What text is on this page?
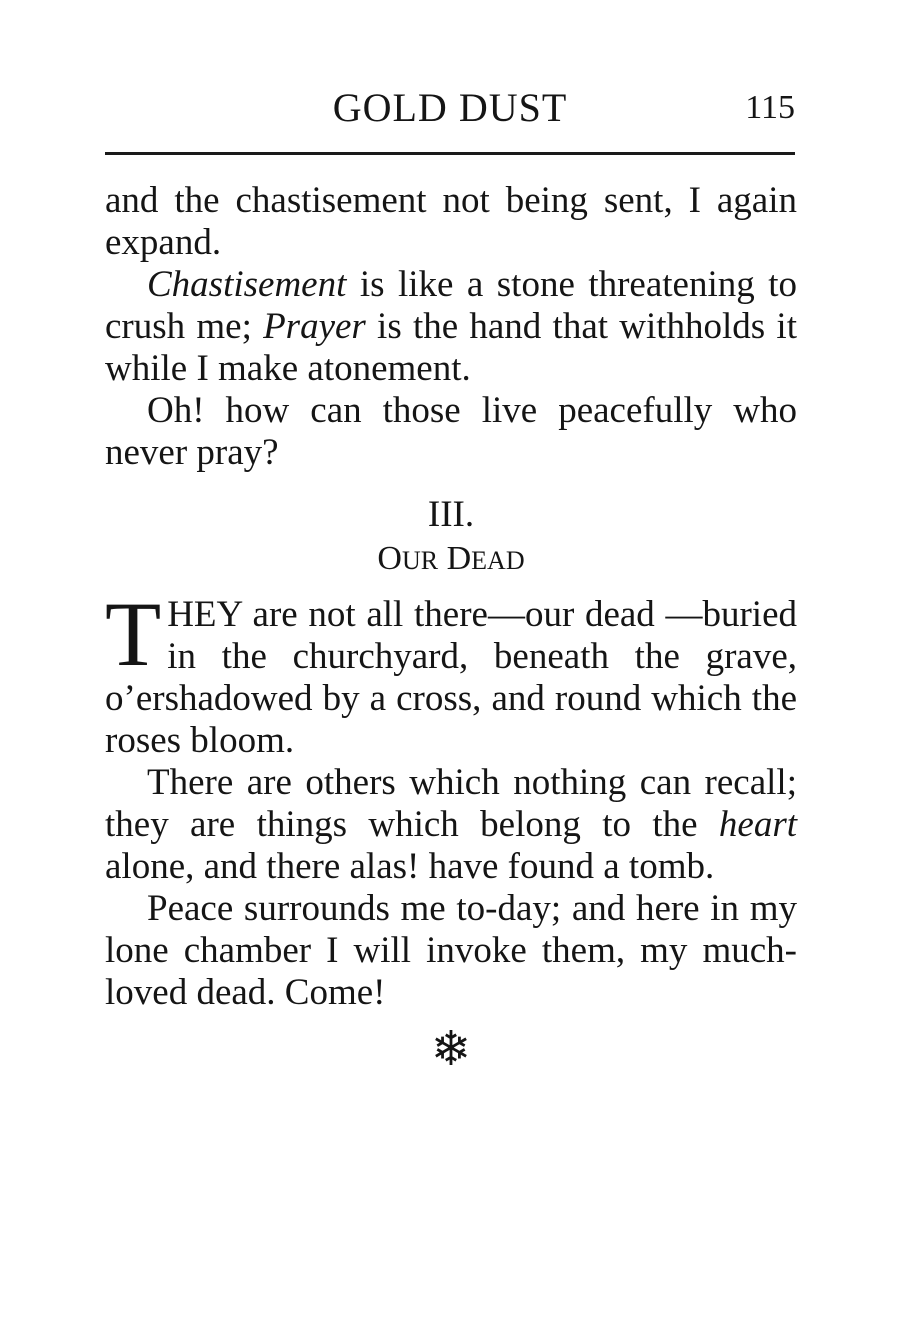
GOLD DUST	115

and the chastisement not being sent, I again expand.

Chastisement is like a stone threatening to crush me; Prayer is the hand that withholds it while I make atonement.

Oh! how can those live peacefully who never pray?

III.
OUR DEAD

THEY are not all there—our dead —buried in the churchyard, beneath the grave, o’ershadowed by a cross, and round which the roses bloom.

There are others which nothing can recall; they are things which belong to the heart alone, and there alas! have found a tomb.

Peace surrounds me to-day; and here in my lone chamber I will invoke them, my much-loved dead. Come!

❄
